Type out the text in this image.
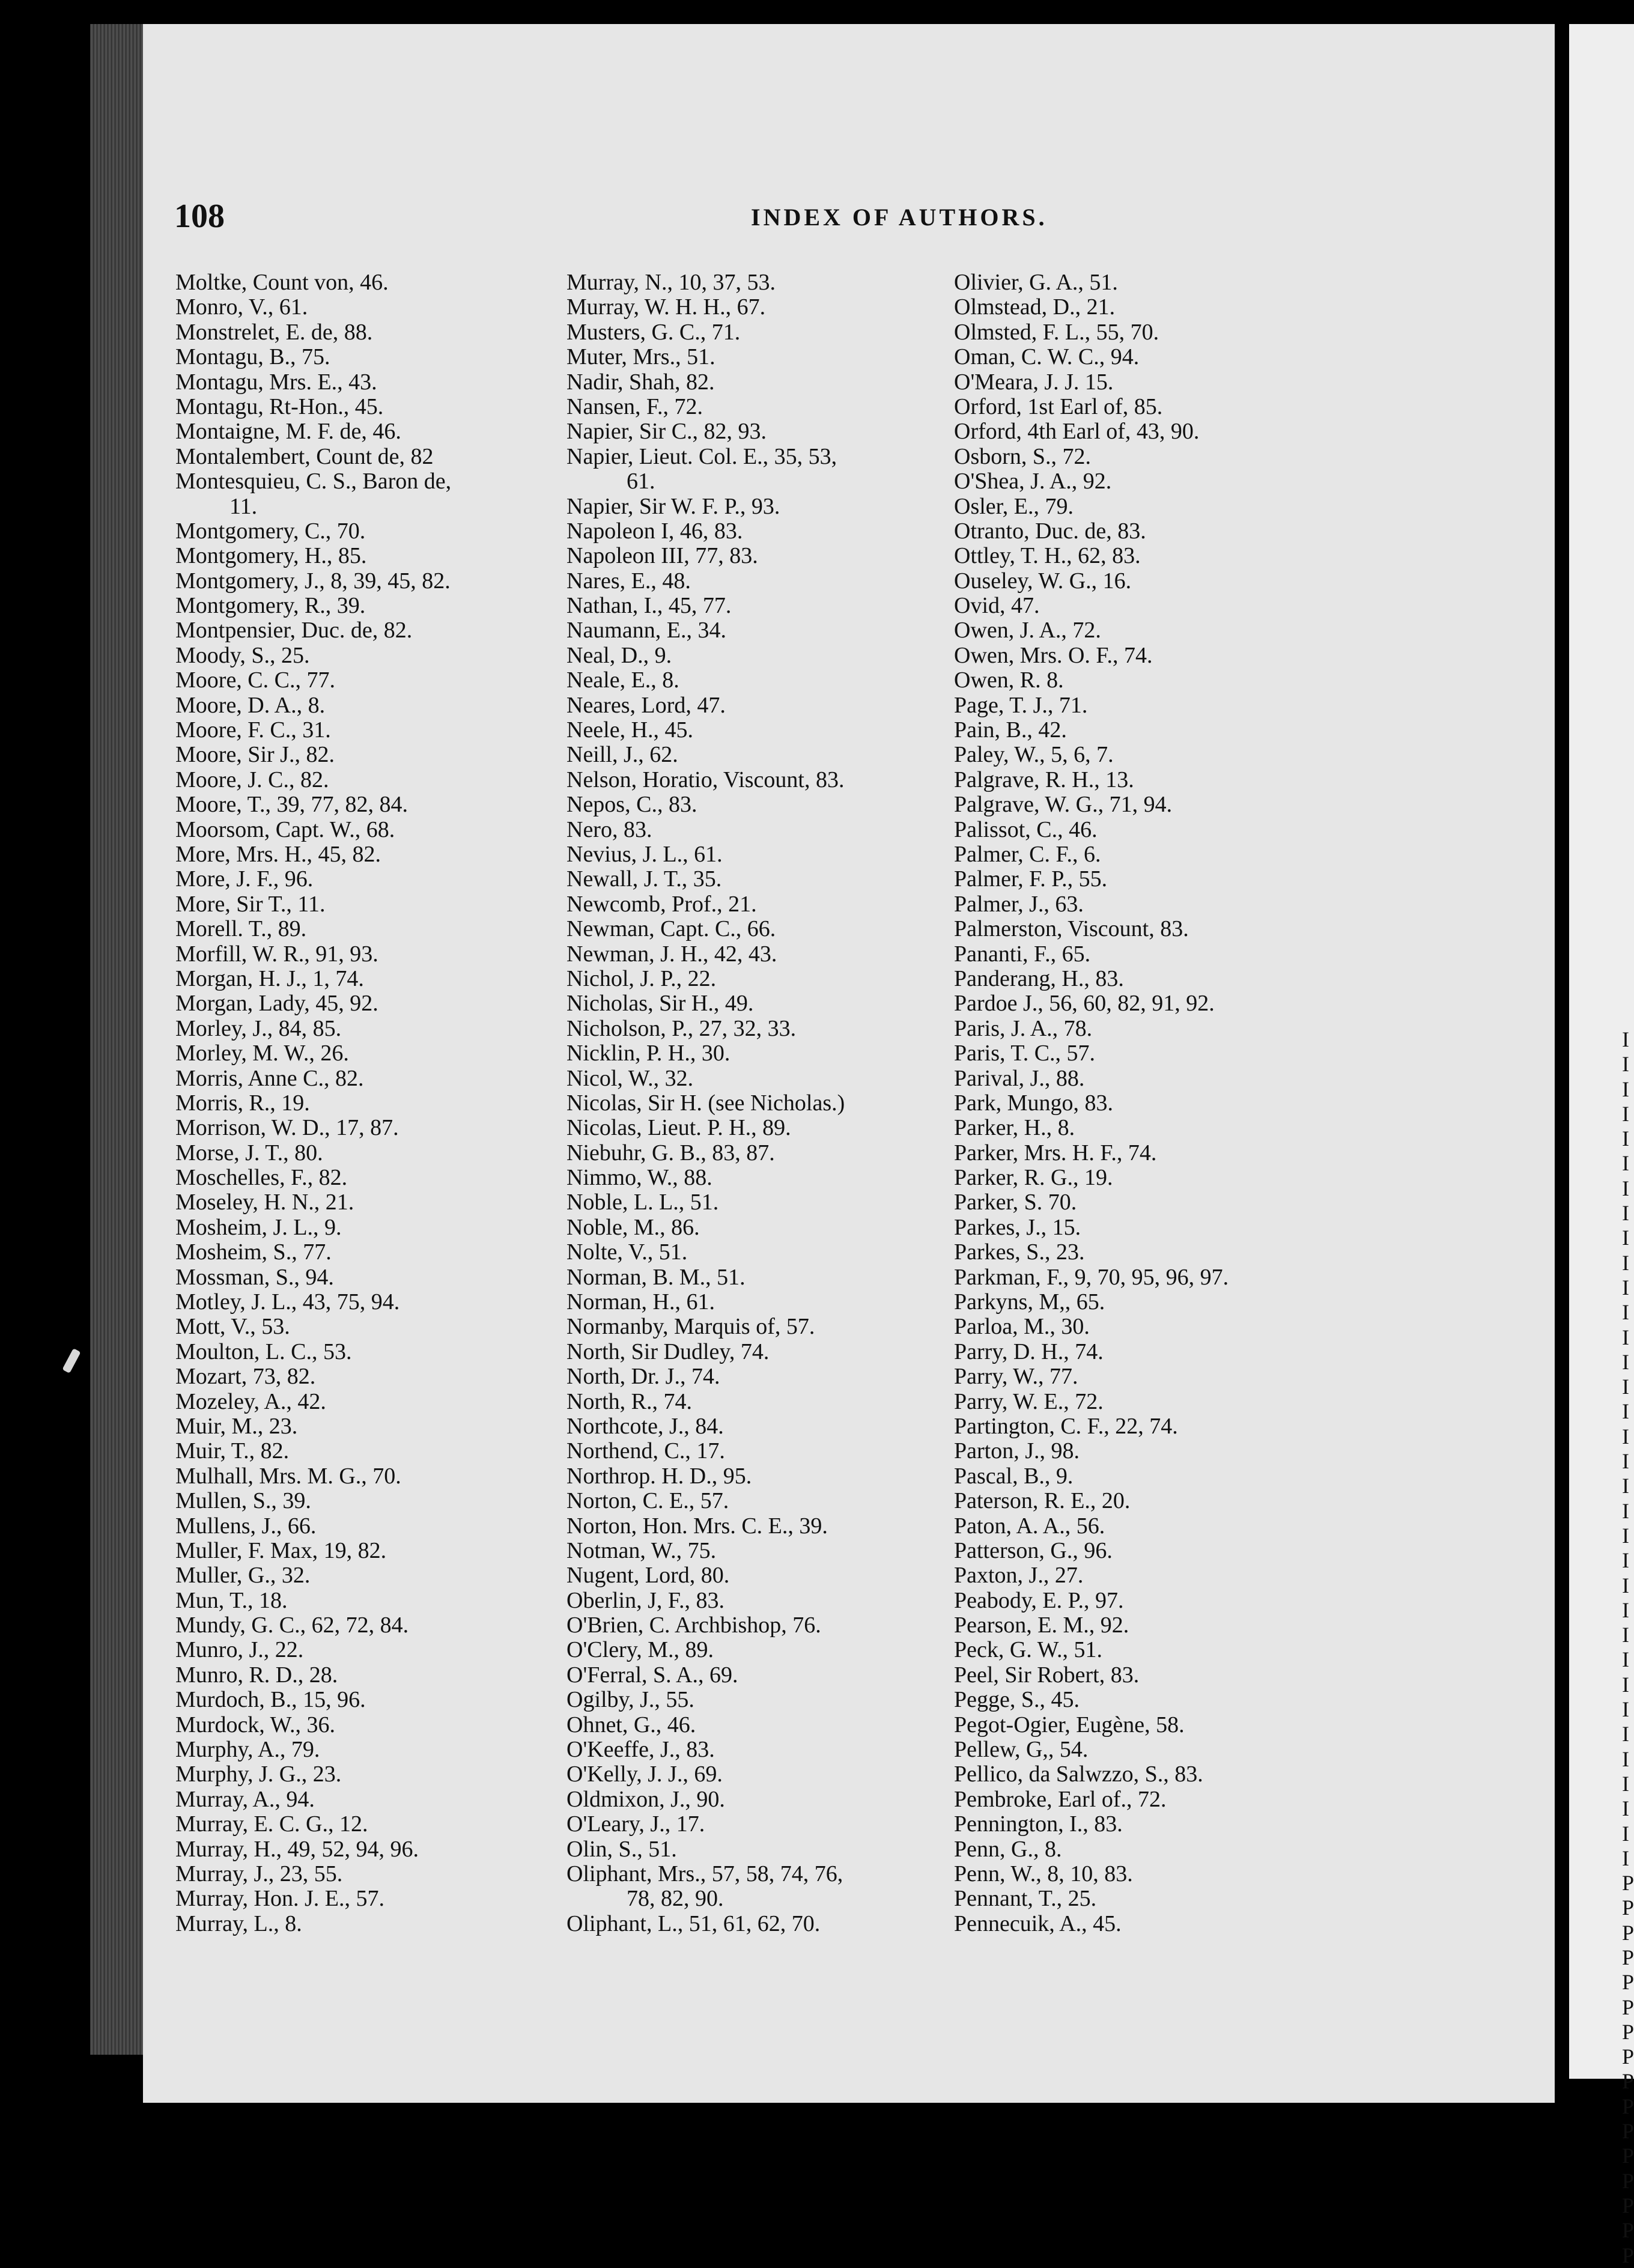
I
I
I
I
I
I
I
I
I
I
I
I
I
I
I
I
I
I
I
I
I
I
I
I
I
I
I
I
I
I
I
I
I
I
P
P
P
P
P
P
P
P
P
P
P
P
P
P
P
P
108	INDEX OF AUTHORS.
Moltke, Count von, 46.
Monro, V., 61.
Monstrelet, E. de, 88.
Montagu, B., 75.
Montagu, Mrs. E., 43.
Montagu, Rt-Hon., 45.
Montaigne, M. F. de, 46.
Montalembert, Count de, 82
Montesquieu, C. S., Baron de,
11.
Montgomery, C., 70.
Montgomery, H., 85.
Montgomery, J., 8, 39, 45, 82.
Montgomery, R., 39.
Montpensier, Duc. de, 82.
Moody, S., 25.
Moore, C. C., 77.
Moore, D. A., 8.
Moore, F. C., 31.
Moore, Sir J., 82.
Moore, J. C., 82.
Moore, T., 39, 77, 82, 84.
Moorsom, Capt. W., 68.
More, Mrs. H., 45, 82.
More, J. F., 96.
More, Sir T., 11.
Morell. T., 89.
Morfill, W. R., 91, 93.
Morgan, H. J., 1, 74.
Morgan, Lady, 45, 92.
Morley, J., 84, 85.
Morley, M. W., 26.
Morris, Anne C., 82.
Morris, R., 19.
Morrison, W. D., 17, 87.
Morse, J. T., 80.
Moschelles, F., 82.
Moseley, H. N., 21.
Mosheim, J. L., 9.
Mosheim, S., 77.
Mossman, S., 94.
Motley, J. L., 43, 75, 94.
Mott, V., 53.
Moulton, L. C., 53.
Mozart, 73, 82.
Mozeley, A., 42.
Muir, M., 23.
Muir, T., 82.
Mulhall, Mrs. M. G., 70.
Mullen, S., 39.
Mullens, J., 66.
Muller, F. Max, 19, 82.
Muller, G., 32.
Mun, T., 18.
Mundy, G. C., 62, 72, 84.
Munro, J., 22.
Munro, R. D., 28.
Murdoch, B., 15, 96.
Murdock, W., 36.
Murphy, A., 79.
Murphy, J. G., 23.
Murray, A., 94.
Murray, E. C. G., 12.
Murray, H., 49, 52, 94, 96.
Murray, J., 23, 55.
Murray, Hon. J. E., 57.
Murray, L., 8.
Murray, N., 10, 37, 53.
Murray, W. H. H., 67.
Musters, G. C., 71.
Muter, Mrs., 51.
Nadir, Shah, 82.
Nansen, F., 72.
Napier, Sir C., 82, 93.
Napier, Lieut. Col. E., 35, 53,
61.
Napier, Sir W. F. P., 93.
Napoleon I, 46, 83.
Napoleon III, 77, 83.
Nares, E., 48.
Nathan, I., 45, 77.
Naumann, E., 34.
Neal, D., 9.
Neale, E., 8.
Neares, Lord, 47.
Neele, H., 45.
Neill, J., 62.
Nelson, Horatio, Viscount, 83.
Nepos, C., 83.
Nero, 83.
Nevius, J. L., 61.
Newall, J. T., 35.
Newcomb, Prof., 21.
Newman, Capt. C., 66.
Newman, J. H., 42, 43.
Nichol, J. P., 22.
Nicholas, Sir H., 49.
Nicholson, P., 27, 32, 33.
Nicklin, P. H., 30.
Nicol, W., 32.
Nicolas, Sir H. (see Nicholas.)
Nicolas, Lieut. P. H., 89.
Niebuhr, G. B., 83, 87.
Nimmo, W., 88.
Noble, L. L., 51.
Noble, M., 86.
Nolte, V., 51.
Norman, B. M., 51.
Norman, H., 61.
Normanby, Marquis of, 57.
North, Sir Dudley, 74.
North, Dr. J., 74.
North, R., 74.
Northcote, J., 84.
Northend, C., 17.
Northrop. H. D., 95.
Norton, C. E., 57.
Norton, Hon. Mrs. C. E., 39.
Notman, W., 75.
Nugent, Lord, 80.
Oberlin, J, F., 83.
O'Brien, C. Archbishop, 76.
O'Clery, M., 89.
O'Ferral, S. A., 69.
Ogilby, J., 55.
Ohnet, G., 46.
O'Keeffe, J., 83.
O'Kelly, J. J., 69.
Oldmixon, J., 90.
O'Leary, J., 17.
Olin, S., 51.
Oliphant, Mrs., 57, 58, 74, 76,
78, 82, 90.
Oliphant, L., 51, 61, 62, 70.
Olivier, G. A., 51.
Olmstead, D., 21.
Olmsted, F. L., 55, 70.
Oman, C. W. C., 94.
O'Meara, J. J. 15.
Orford, 1st Earl of, 85.
Orford, 4th Earl of, 43, 90.
Osborn, S., 72.
O'Shea, J. A., 92.
Osler, E., 79.
Otranto, Duc. de, 83.
Ottley, T. H., 62, 83.
Ouseley, W. G., 16.
Ovid, 47.
Owen, J. A., 72.
Owen, Mrs. O. F., 74.
Owen, R. 8.
Page, T. J., 71.
Pain, B., 42.
Paley, W., 5, 6, 7.
Palgrave, R. H., 13.
Palgrave, W. G., 71, 94.
Palissot, C., 46.
Palmer, C. F., 6.
Palmer, F. P., 55.
Palmer, J., 63.
Palmerston, Viscount, 83.
Pananti, F., 65.
Panderang, H., 83.
Pardoe J., 56, 60, 82, 91, 92.
Paris, J. A., 78.
Paris, T. C., 57.
Parival, J., 88.
Park, Mungo, 83.
Parker, H., 8.
Parker, Mrs. H. F., 74.
Parker, R. G., 19.
Parker, S. 70.
Parkes, J., 15.
Parkes, S., 23.
Parkman, F., 9, 70, 95, 96, 97.
Parkyns, M,, 65.
Parloa, M., 30.
Parry, D. H., 74.
Parry, W., 77.
Parry, W. E., 72.
Partington, C. F., 22, 74.
Parton, J., 98.
Pascal, B., 9.
Paterson, R. E., 20.
Paton, A. A., 56.
Patterson, G., 96.
Paxton, J., 27.
Peabody, E. P., 97.
Pearson, E. M., 92.
Peck, G. W., 51.
Peel, Sir Robert, 83.
Pegge, S., 45.
Pegot-Ogier, Eugène, 58.
Pellew, G,, 54.
Pellico, da Salwzzo, S., 83.
Pembroke, Earl of., 72.
Pennington, I., 83.
Penn, G., 8.
Penn, W., 8, 10, 83.
Pennant, T., 25.
Pennecuik, A., 45.
